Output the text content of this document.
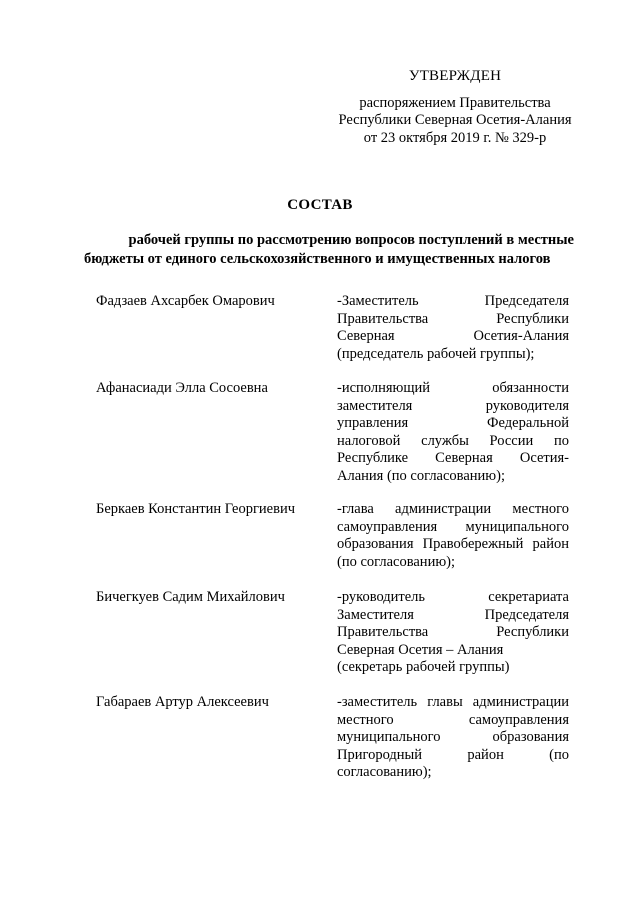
УТВЕРЖДЕН
распоряжением Правительства
Республики Северная Осетия-Алания
от 23 октября 2019 г. № 329-р
СОСТАВ
рабочей группы по рассмотрению вопросов поступлений в местные
бюджеты от единого сельскохозяйственного и имущественных налогов
Фадзаев Ахсарбек Омарович	-Заместитель Председателя
Правительства Республики
Северная Осетия-Алания
(председатель рабочей группы);
Афанасиади Элла Сосоевна	-исполняющий обязанности
заместителя руководителя
управления Федеральной
налоговой службы России по
Республике Северная Осетия-
Алания (по согласованию);
Беркаев Константин Георгиевич	-глава администрации местного
самоуправления муниципального
образования Правобережный район
(по согласованию);
Бичегкуев Садим Михайлович	-руководитель секретариата
Заместителя Председателя
Правительства Республики
Северная Осетия – Алания
(секретарь рабочей группы)
Габараев Артур Алексеевич	-заместитель главы администрации
местного самоуправления
муниципального образования
Пригородный район (по
согласованию);
